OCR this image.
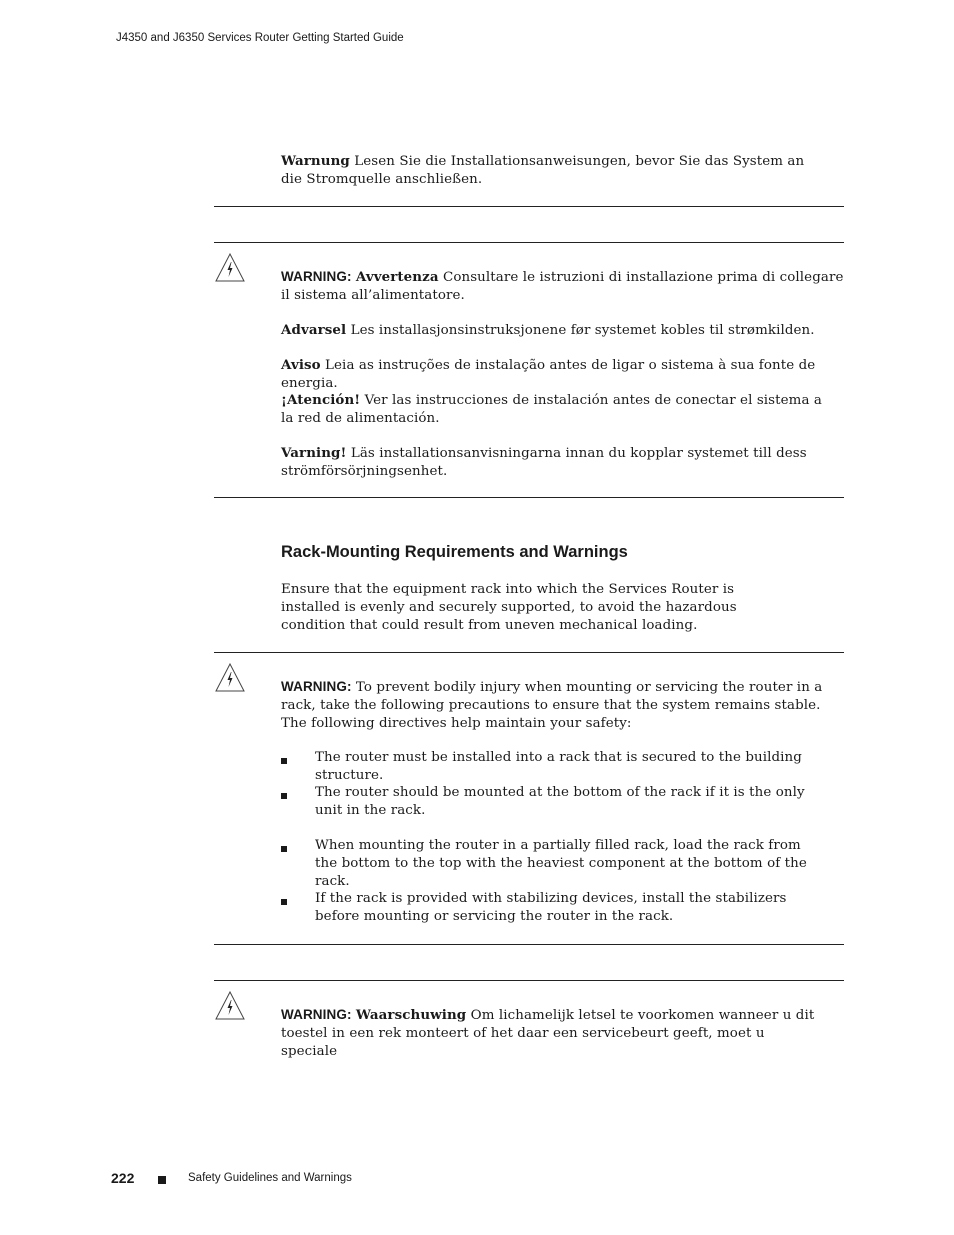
J4350 and J6350 Services Router Getting Started Guide

Warnung Lesen Sie die Installationsanweisungen, bevor Sie das System an die Stromquelle anschließen.

WARNING: Avvertenza Consultare le istruzioni di installazione prima di collegare il sistema all’alimentatore.

Advarsel Les installasjonsinstruksjonene før systemet kobles til strømkilden.

Aviso Leia as instruções de instalação antes de ligar o sistema à sua fonte de energia.

¡Atención! Ver las instrucciones de instalación antes de conectar el sistema a la red de alimentación.

Varning! Läs installationsanvisningarna innan du kopplar systemet till dess strömförsörjningsenhet.

Rack-Mounting Requirements and Warnings

Ensure that the equipment rack into which the Services Router is installed is evenly and securely supported, to avoid the hazardous condition that could result from uneven mechanical loading.

WARNING: To prevent bodily injury when mounting or servicing the router in a rack, take the following precautions to ensure that the system remains stable. The following directives help maintain your safety:

The router must be installed into a rack that is secured to the building structure.

The router should be mounted at the bottom of the rack if it is the only unit in the rack.

When mounting the router in a partially filled rack, load the rack from the bottom to the top with the heaviest component at the bottom of the rack.

If the rack is provided with stabilizing devices, install the stabilizers before mounting or servicing the router in the rack.

WARNING: Waarschuwing Om lichamelijk letsel te voorkomen wanneer u dit toestel in een rek monteert of het daar een servicebeurt geeft, moet u speciale

222	Safety Guidelines and Warnings
